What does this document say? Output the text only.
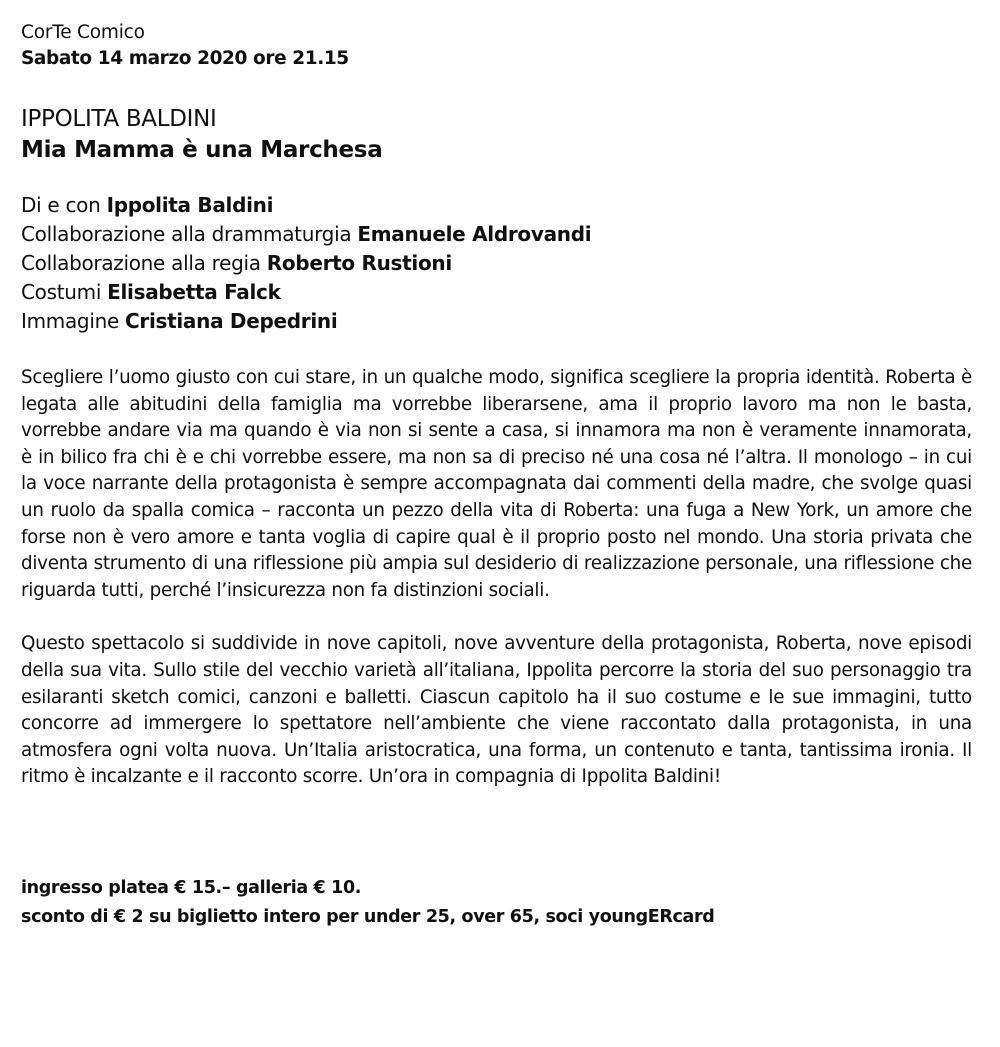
CorTe Comico
Sabato 14 marzo 2020 ore 21.15
IPPOLITA BALDINI
Mia Mamma è una Marchesa
Di e con Ippolita Baldini
Collaborazione alla drammaturgia Emanuele Aldrovandi
Collaborazione alla regia Roberto Rustioni
Costumi Elisabetta Falck
Immagine Cristiana Depedrini

Scegliere l’uomo giusto con cui stare, in un qualche modo, significa scegliere la propria identità. Roberta è legata alle abitudini della famiglia ma vorrebbe liberarsene, ama il proprio lavoro ma non le basta, vorrebbe andare via ma quando è via non si sente a casa, si innamora ma non è veramente innamorata, è in bilico fra chi è e chi vorrebbe essere, ma non sa di preciso né una cosa né l’altra. Il monologo – in cui la voce narrante della protagonista è sempre accompagnata dai commenti della madre, che svolge quasi un ruolo da spalla comica – racconta un pezzo della vita di Roberta: una fuga a New York, un amore che forse non è vero amore e tanta voglia di capire qual è il proprio posto nel mondo. Una storia privata che diventa strumento di una riflessione più ampia sul desiderio di realizzazione personale, una riflessione che riguarda tutti, perché l’insicurezza non fa distinzioni sociali.

Questo spettacolo si suddivide in nove capitoli, nove avventure della protagonista, Roberta, nove episodi della sua vita. Sullo stile del vecchio varietà all’italiana, Ippolita percorre la storia del suo personaggio tra esilaranti sketch comici, canzoni e balletti. Ciascun capitolo ha il suo costume e le sue immagini, tutto concorre ad immergere lo spettatore nell’ambiente che viene raccontato dalla protagonista, in una atmosfera ogni volta nuova. Un’Italia aristocratica, una forma, un contenuto e tanta, tantissima ironia. Il ritmo è incalzante e il racconto scorre. Un’ora in compagnia di Ippolita Baldini!

ingresso platea € 15.– galleria € 10.
sconto di € 2 su biglietto intero per under 25, over 65, soci youngERcard
